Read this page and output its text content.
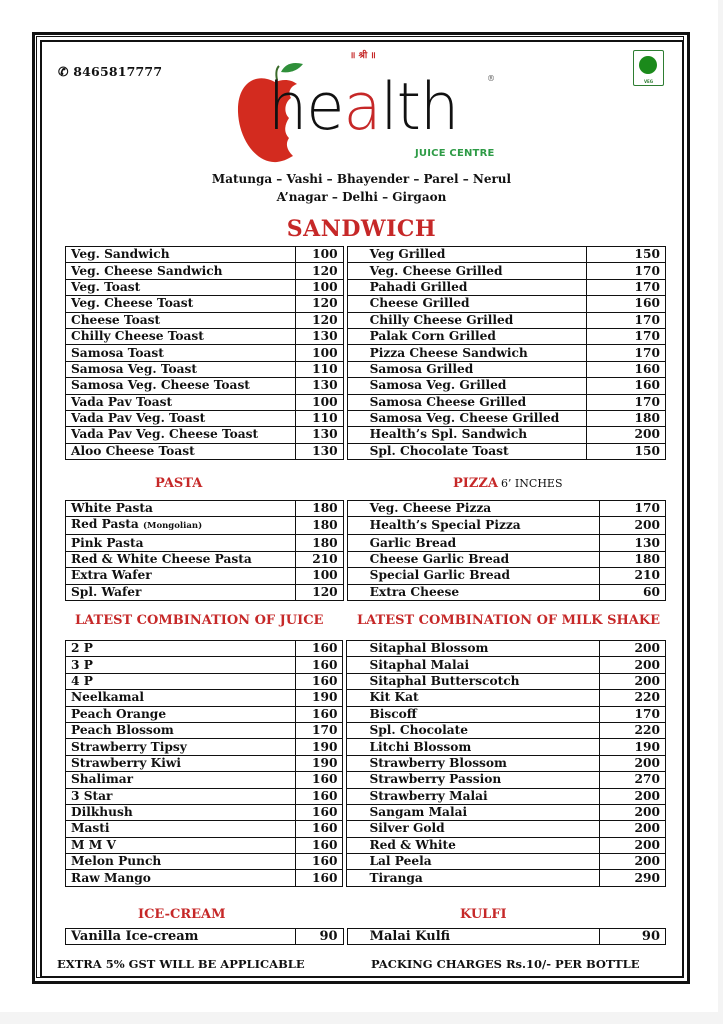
✆ 8465817777
॥ श्री ॥
VEG
health	®
JUICE CENTRE
Matunga – Vashi – Bhayender – Parel – Nerul
A’nagar – Delhi – Girgaon
SANDWICH
Veg. Sandwich	100		Veg Grilled	150
Veg. Cheese Sandwich	120		Veg. Cheese Grilled	170
Veg. Toast	100		Pahadi Grilled	170
Veg. Cheese Toast	120		Cheese Grilled	160
Cheese Toast	120		Chilly Cheese Grilled	170
Chilly Cheese Toast	130		Palak Corn Grilled	170
Samosa Toast	100		Pizza Cheese Sandwich	170
Samosa Veg. Toast	110		Samosa Grilled	160
Samosa Veg. Cheese Toast	130		Samosa Veg. Grilled	160
Vada Pav Toast	100		Samosa Cheese Grilled	170
Vada Pav Veg. Toast	110		Samosa Veg. Cheese Grilled	180
Vada Pav Veg. Cheese Toast	130		Health’s Spl. Sandwich	200
Aloo Cheese Toast	130		Spl. Chocolate Toast	150
PASTA	PIZZA 6’ INCHES
White Pasta	180		Veg. Cheese Pizza	170
Red Pasta (Mongolian)	180		Health’s Special Pizza	200
Pink Pasta	180		Garlic Bread	130
Red & White Cheese Pasta	210		Cheese Garlic Bread	180
Extra Wafer	100		Special Garlic Bread	210
Spl. Wafer	120		Extra Cheese	60
LATEST COMBINATION OF JUICE	LATEST COMBINATION OF MILK SHAKE
2 P	160		Sitaphal Blossom	200
3 P	160		Sitaphal Malai	200
4 P	160		Sitaphal Butterscotch	200
Neelkamal	190		Kit Kat	220
Peach Orange	160		Biscoff	170
Peach Blossom	170		Spl. Chocolate	220
Strawberry Tipsy	190		Litchi Blossom	190
Strawberry Kiwi	190		Strawberry Blossom	200
Shalimar	160		Strawberry Passion	270
3 Star	160		Strawberry Malai	200
Dilkhush	160		Sangam Malai	200
Masti	160		Silver Gold	200
M M V	160		Red & White	200
Melon Punch	160		Lal Peela	200
Raw Mango	160		Tiranga	290
ICE-CREAM	KULFI
Vanilla Ice-cream	90		Malai Kulfi	90
EXTRA 5% GST WILL BE APPLICABLE	PACKING CHARGES Rs.10/- PER BOTTLE
